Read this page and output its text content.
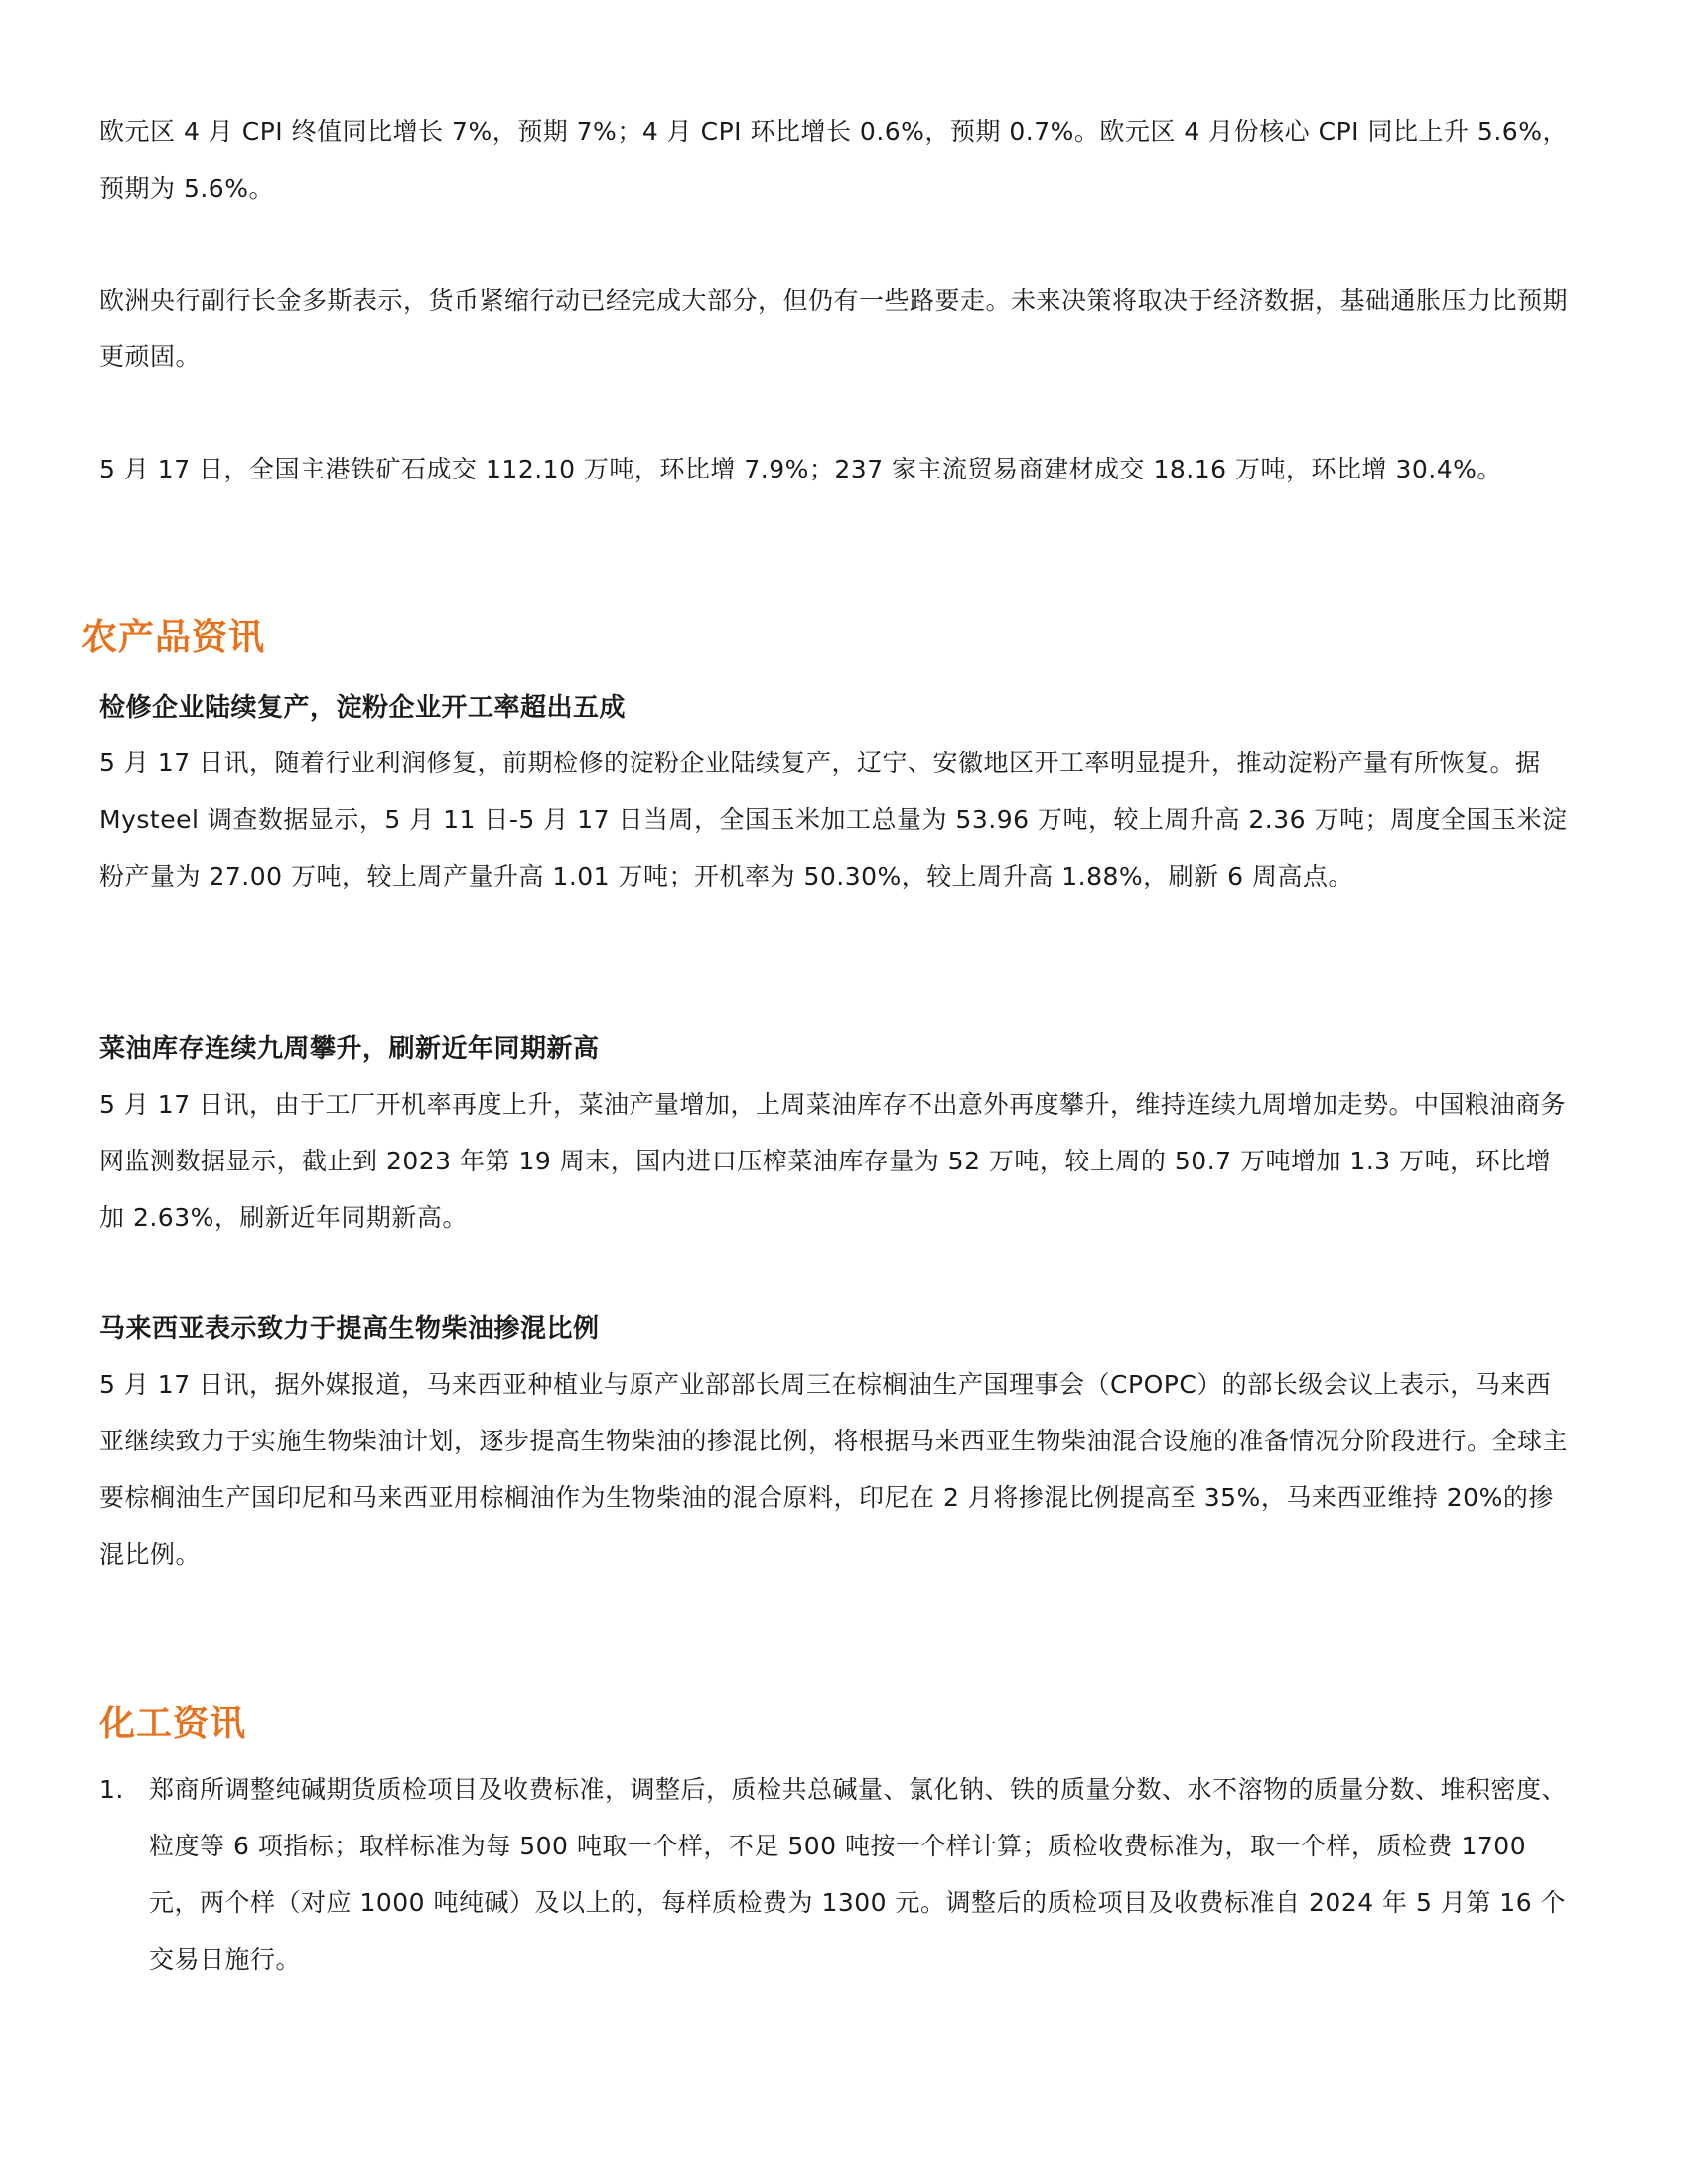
欧元区 4 月 CPI 终值同比增长 7%，预期 7%；4 月 CPI 环比增长 0.6%，预期 0.7%。欧元区 4 月份核心 CPI 同比上升 5.6%，预期为 5.6%。

欧洲央行副行长金多斯表示，货币紧缩行动已经完成大部分，但仍有一些路要走。未来决策将取决于经济数据，基础通胀压力比预期更顽固。

5 月 17 日，全国主港铁矿石成交 112.10 万吨，环比增 7.9%；237 家主流贸易商建材成交 18.16 万吨，环比增 30.4%。

农产品资讯
检修企业陆续复产，淀粉企业开工率超出五成

5 月 17 日讯，随着行业利润修复，前期检修的淀粉企业陆续复产，辽宁、安徽地区开工率明显提升，推动淀粉产量有所恢复。据 Mysteel 调查数据显示，5 月 11 日-5 月 17 日当周，全国玉米加工总量为 53.96 万吨，较上周升高 2.36 万吨；周度全国玉米淀粉产量为 27.00 万吨，较上周产量升高 1.01 万吨；开机率为 50.30%，较上周升高 1.88%，刷新 6 周高点。

菜油库存连续九周攀升，刷新近年同期新高

5 月 17 日讯，由于工厂开机率再度上升，菜油产量增加，上周菜油库存不出意外再度攀升，维持连续九周增加走势。中国粮油商务网监测数据显示，截止到 2023 年第 19 周末，国内进口压榨菜油库存量为 52 万吨，较上周的 50.7 万吨增加 1.3 万吨，环比增加 2.63%，刷新近年同期新高。

马来西亚表示致力于提高生物柴油掺混比例

5 月 17 日讯，据外媒报道，马来西亚种植业与原产业部部长周三在棕榈油生产国理事会（CPOPC）的部长级会议上表示，马来西亚继续致力于实施生物柴油计划，逐步提高生物柴油的掺混比例，将根据马来西亚生物柴油混合设施的准备情况分阶段进行。全球主要棕榈油生产国印尼和马来西亚用棕榈油作为生物柴油的混合原料，印尼在 2 月将掺混比例提高至 35%，马来西亚维持 20%的掺混比例。

化工资讯
1. 郑商所调整纯碱期货质检项目及收费标准，调整后，质检共总碱量、氯化钠、铁的质量分数、水不溶物的质量分数、堆积密度、粒度等 6 项指标；取样标准为每 500 吨取一个样，不足 500 吨按一个样计算；质检收费标准为，取一个样，质检费 1700 元，两个样（对应 1000 吨纯碱）及以上的，每样质检费为 1300 元。调整后的质检项目及收费标准自 2024 年 5 月第 16 个交易日施行。
